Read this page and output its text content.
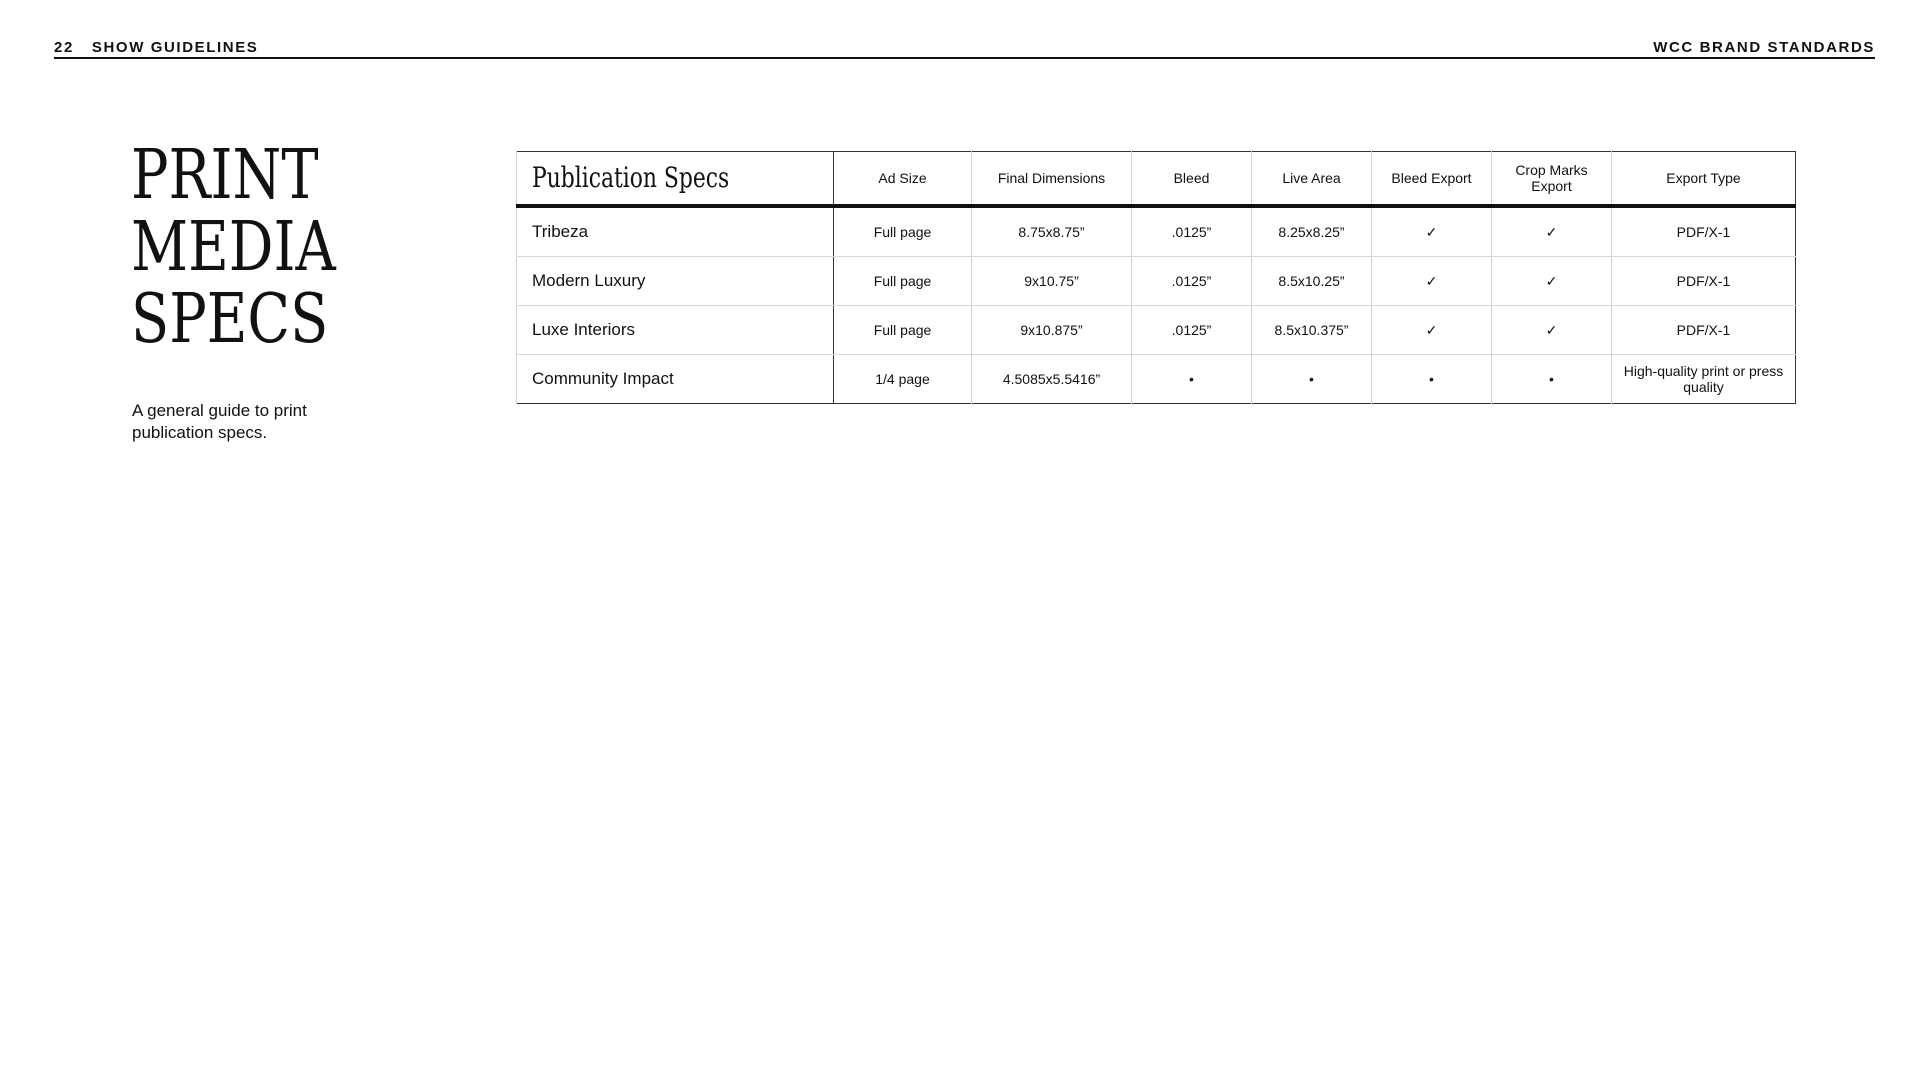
22 SHOW GUIDELINES	WCC BRAND STANDARDS
PRINT
MEDIA
SPECS

A general guide to print publication specs.

Publication Specs	Ad Size	Final Dimensions	Bleed	Live Area	Bleed Export	Crop Marks Export	Export Type
Tribeza	Full page	8.75x8.75”	.0125”	8.25x8.25”	✓	✓	PDF/X-1
Modern Luxury	Full page	9x10.75”	.0125”	8.5x10.25”	✓	✓	PDF/X-1
Luxe Interiors	Full page	9x10.875”	.0125”	8.5x10.375”	✓	✓	PDF/X-1
Community Impact	1/4 page	4.5085x5.5416”	•	•	•	•	High-quality print or press quality
